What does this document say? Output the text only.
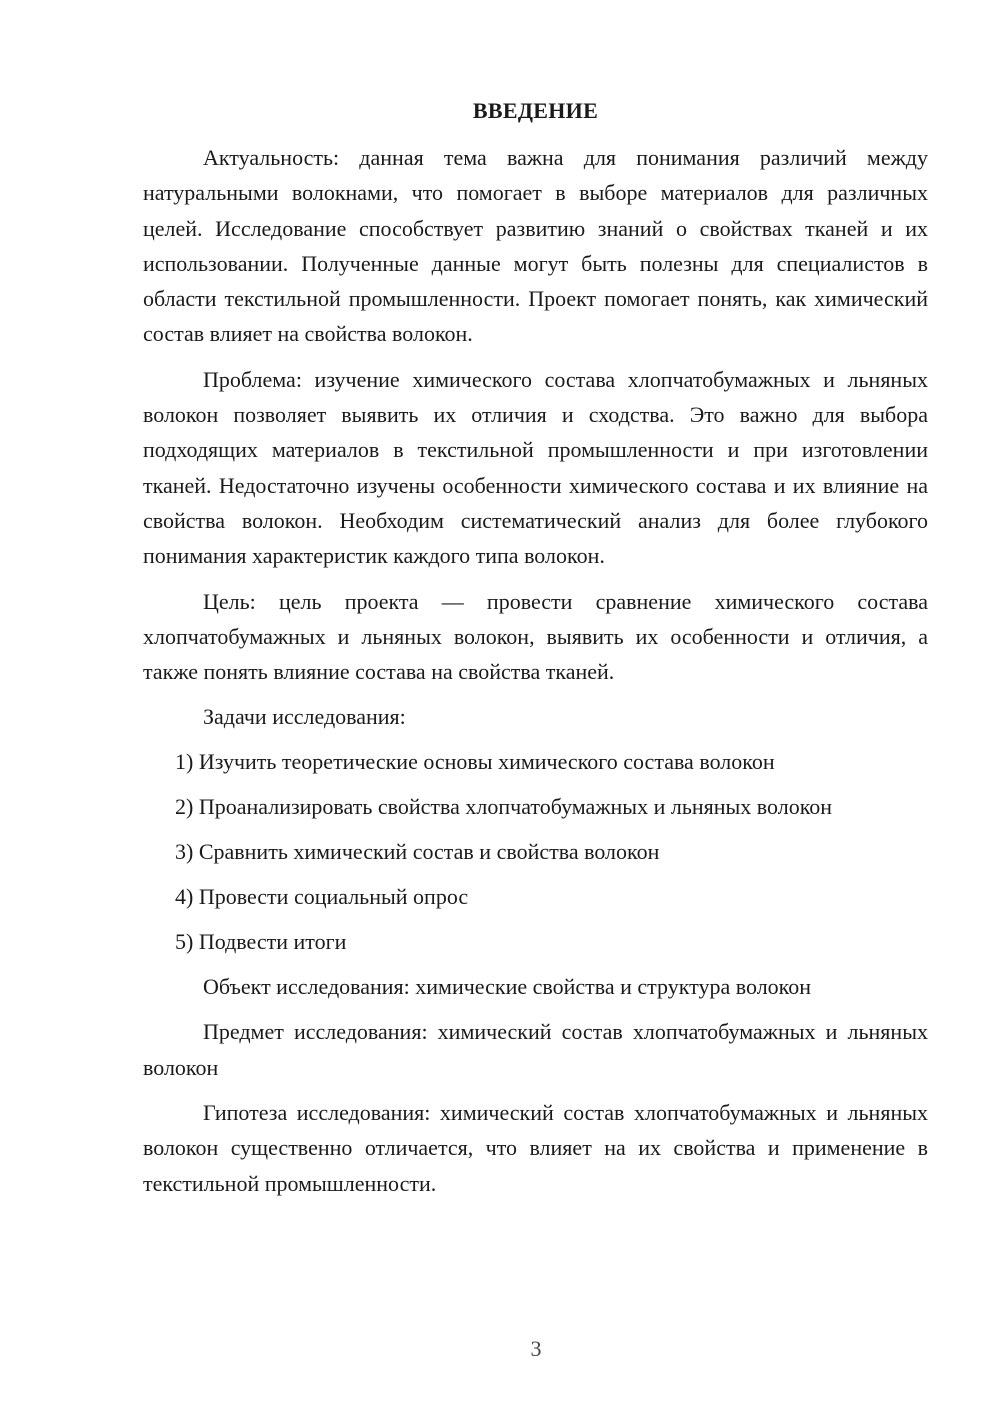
ВВЕДЕНИЕ

Актуальность: данная тема важна для понимания различий между натуральными волокнами, что помогает в выборе материалов для различных целей. Исследование способствует развитию знаний о свойствах тканей и их использовании. Полученные данные могут быть полезны для специалистов в области текстильной промышленности. Проект помогает понять, как химический состав влияет на свойства волокон.

Проблема: изучение химического состава хлопчатобумажных и льняных волокон позволяет выявить их отличия и сходства. Это важно для выбора подходящих материалов в текстильной промышленности и при изготовлении тканей. Недостаточно изучены особенности химического состава и их влияние на свойства волокон. Необходим систематический анализ для более глубокого понимания характеристик каждого типа волокон.

Цель: цель проекта — провести сравнение химического состава хлопчатобумажных и льняных волокон, выявить их особенности и отличия, а также понять влияние состава на свойства тканей.

Задачи исследования:

1) Изучить теоретические основы химического состава волокон
2) Проанализировать свойства хлопчатобумажных и льняных волокон
3) Сравнить химический состав и свойства волокон
4) Провести социальный опрос
5) Подвести итоги

Объект исследования: химические свойства и структура волокон

Предмет исследования: химический состав хлопчатобумажных и льняных волокон

Гипотеза исследования: химический состав хлопчатобумажных и льняных волокон существенно отличается, что влияет на их свойства и применение в текстильной промышленности.

3
